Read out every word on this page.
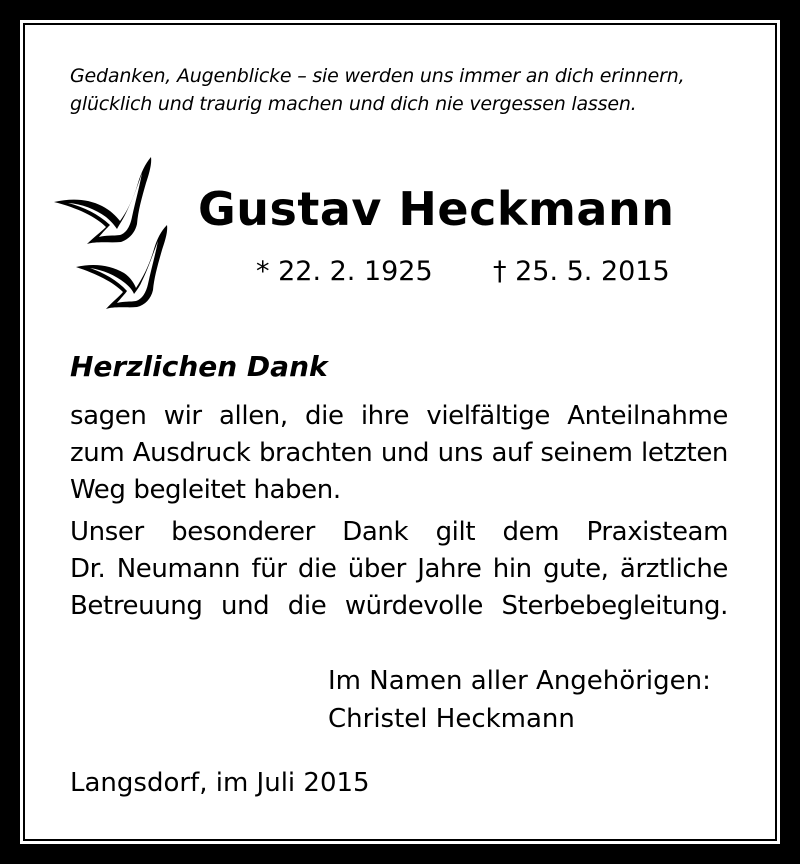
Gedanken, Augenblicke – sie werden uns immer an dich erinnern,
glücklich und traurig machen und dich nie vergessen lassen.
Gustav Heckmann
* 22. 2. 1925 † 25. 5. 2015
Herzlichen Dank
sagen wir allen, die ihre vielfältige Anteilnahme
zum Ausdruck brachten und uns auf seinem letzten
Weg begleitet haben.
Unser besonderer Dank gilt dem Praxisteam
Dr. Neumann für die über Jahre hin gute, ärztliche
Betreuung und die würdevolle Sterbebegleitung.
Im Namen aller Angehörigen:
Christel Heckmann
Langsdorf, im Juli 2015
